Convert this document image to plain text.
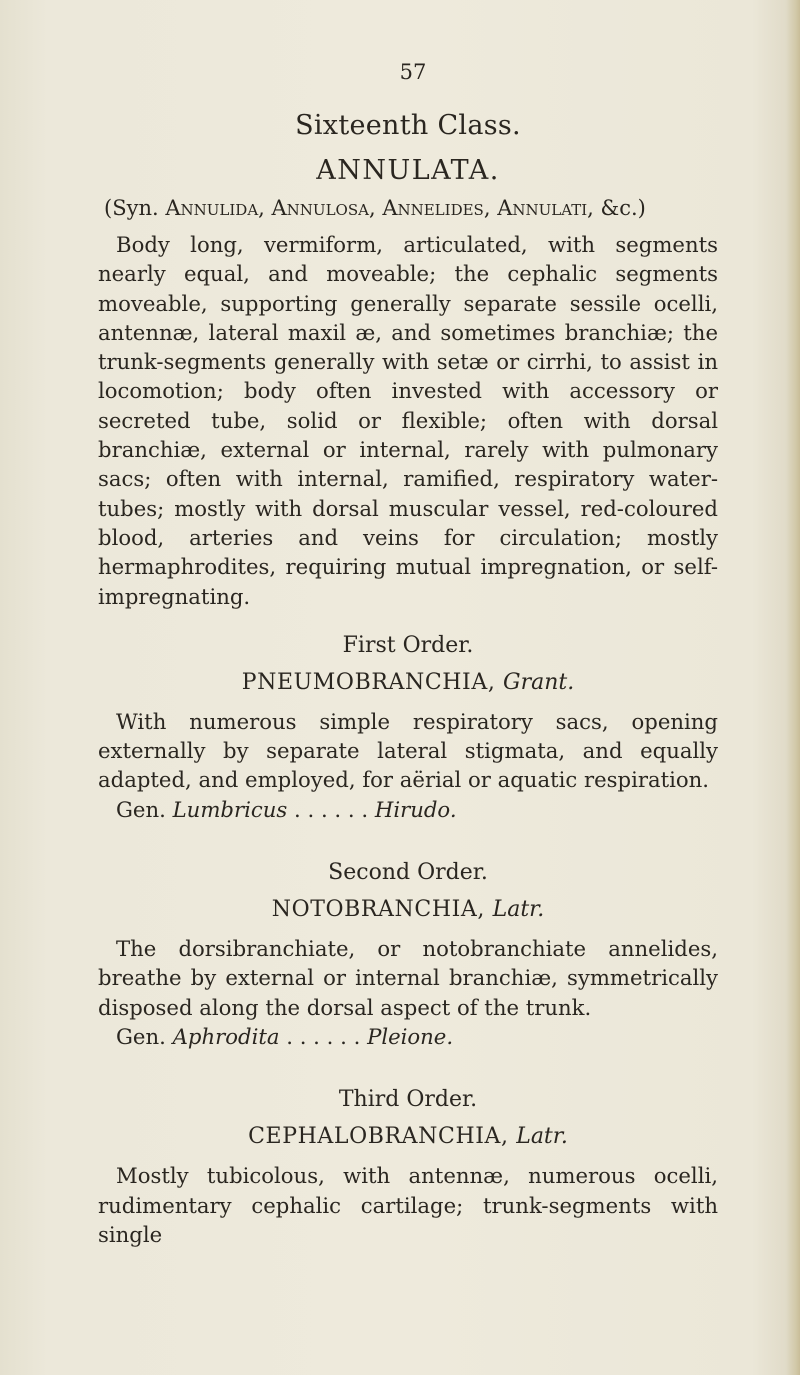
57
Sixteenth Class.
ANNULATA.
(Syn. Annulida, Annulosa, Annelides, Annulati, &c.)

Body long, vermiform, articulated, with segments nearly equal, and moveable; the cephalic segments moveable, supporting generally separate sessile ocelli, antennæ, lateral maxil æ, and sometimes branchiæ; the trunk-segments generally with setæ or cirrhi, to assist in locomotion; body often invested with accessory or secreted tube, solid or flexible; often with dorsal branchiæ, external or internal, rarely with pulmonary sacs; often with internal, ramified, respiratory water-tubes; mostly with dorsal muscular vessel, red-coloured blood, arteries and veins for circulation; mostly hermaphrodites, requiring mutual impregnation, or self-impregnating.

First Order.
PNEUMOBRANCHIA, Grant.

With numerous simple respiratory sacs, opening externally by separate lateral stigmata, and equally adapted, and employed, for aërial or aquatic respiration.

Gen. Lumbricus . . . . . . Hirudo.
Second Order.
NOTOBRANCHIA, Latr.

The dorsibranchiate, or notobranchiate annelides, breathe by external or internal branchiæ, symmetrically disposed along the dorsal aspect of the trunk.

Gen. Aphrodita . . . . . . Pleione.
Third Order.
CEPHALOBRANCHIA, Latr.

Mostly tubicolous, with antennæ, numerous ocelli, rudimentary cephalic cartilage; trunk-segments with single
